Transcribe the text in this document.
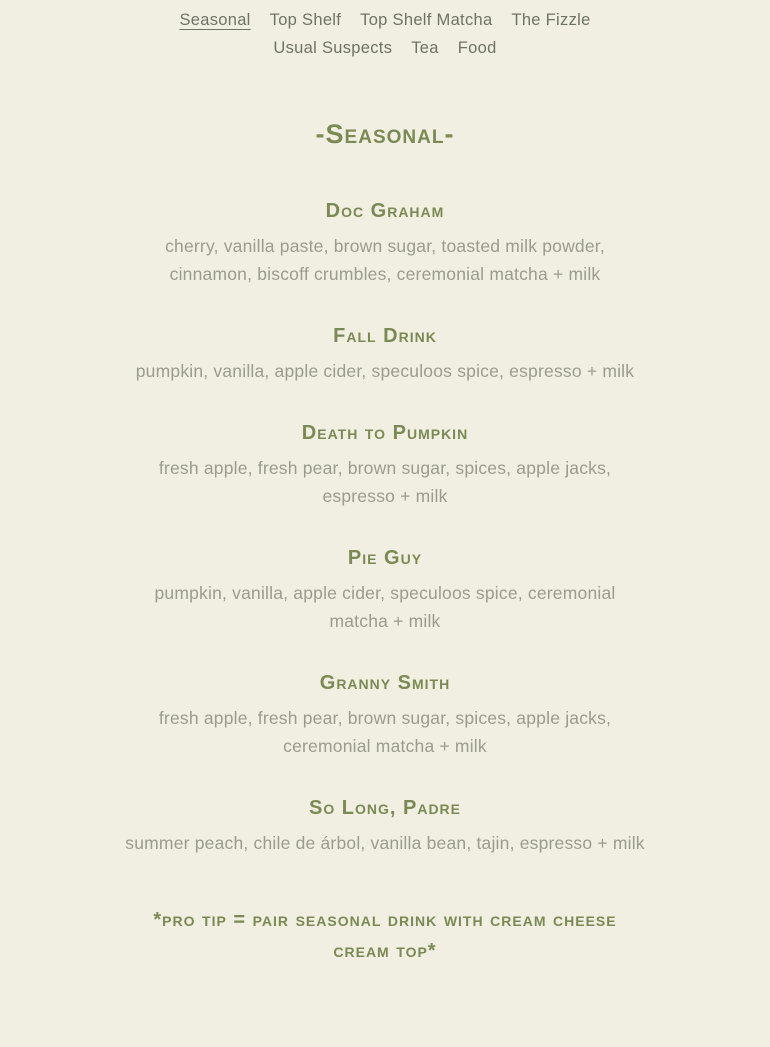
Seasonal Top Shelf Top Shelf Matcha The Fizzle
Usual Suspects Tea Food
-Seasonal-
Doc Graham

cherry, vanilla paste, brown sugar, toasted milk powder, cinnamon, biscoff crumbles, ceremonial matcha + milk

Fall Drink

pumpkin, vanilla, apple cider, speculoos spice, espresso + milk

Death to Pumpkin

fresh apple, fresh pear, brown sugar, spices, apple jacks, espresso + milk

Pie Guy

pumpkin, vanilla, apple cider, speculoos spice, ceremonial matcha + milk

Granny Smith

fresh apple, fresh pear, brown sugar, spices, apple jacks, ceremonial matcha + milk

So Long, Padre

summer peach, chile de árbol, vanilla bean, tajin, espresso + milk

*pro tip = pair seasonal drink with cream cheese cream top*
